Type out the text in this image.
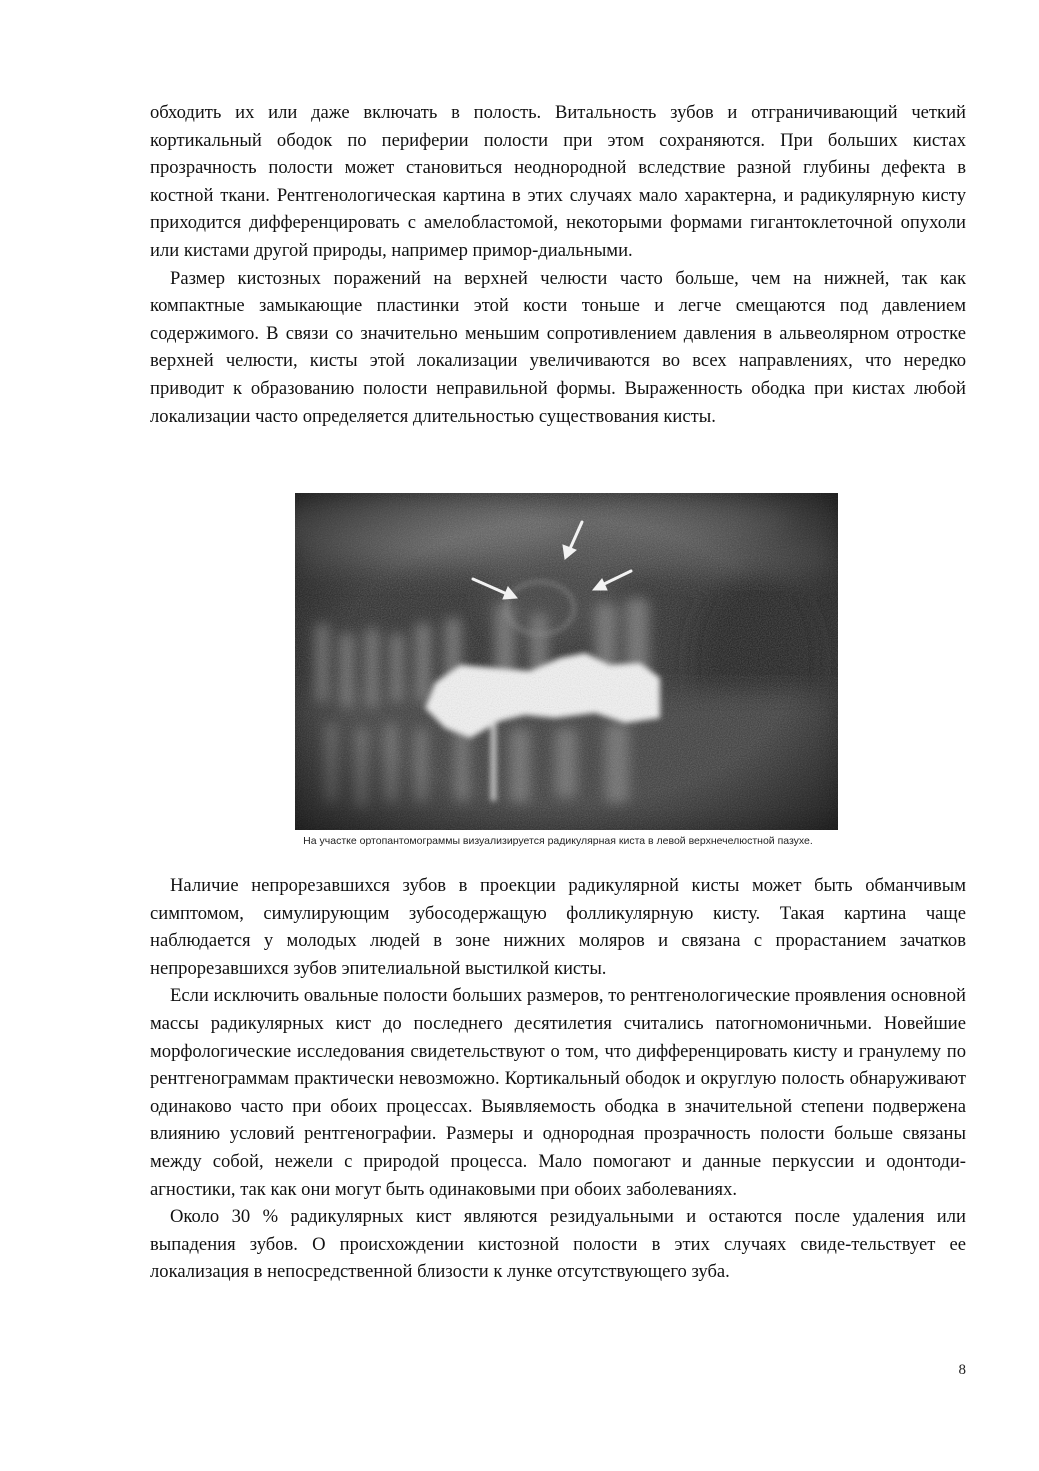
обходить их или даже включать в полость. Витальность зубов и отграничивающий четкий кортикальный ободок по периферии полости при этом сохраняются. При больших кистах прозрачность полости может становиться неоднородной вследствие разной глубины дефекта в костной ткани. Рентгенологическая картина в этих случаях мало характерна, и радикулярную кисту приходится дифференцировать с амелобластомой, некоторыми формами гигантоклеточной опухоли или кистами другой природы, например примор-диальными.

Размер кистозных поражений на верхней челюсти часто больше, чем на нижней, так как компактные замыкающие пластинки этой кости тоньше и легче смещаются под давлением содержимого. В связи со значительно меньшим сопротивлением давления в альвеолярном отростке верхней челюсти, кисты этой локализации увеличиваются во всех направлениях, что нередко приводит к образованию полости неправильной формы. Выраженность ободка при кистах любой локализации часто определяется длительностью существования кисты.

На участке ортопантомограммы визуализируется радикулярная киста в левой верхнечелюстной пазухе.

Наличие непрорезавшихся зубов в проекции радикулярной кисты может быть обманчивым симптомом, симулирующим зубосодержащую фолликулярную кисту. Такая картина чаще наблюдается у молодых людей в зоне нижних моляров и связана с прорастанием зачатков непрорезавшихся зубов эпителиальной выстилкой кисты.

Если исключить овальные полости больших размеров, то рентгенологические проявления основной массы радикулярных кист до последнего десятилетия считались патогномоничньми. Новейшие морфологические исследования свидетельствуют о том, что дифференцировать кисту и гранулему по рентгенограммам практически невозможно. Кортикальный ободок и округлую полость обнаруживают одинаково часто при обоих процессах. Выявляемость ободка в значительной степени подвержена влиянию условий рентгенографии. Размеры и однородная прозрачность полости больше связаны между собой, нежели с природой процесса. Мало помогают и данные перкуссии и одонтоди-агностики, так как они могут быть одинаковыми при обоих заболеваниях.

Около 30 % радикулярных кист являются резидуальными и остаются после удаления или выпадения зубов. О происхождении кистозной полости в этих случаях свиде-тельствует ее локализация в непосредственной близости к лунке отсутствующего зуба.

8
